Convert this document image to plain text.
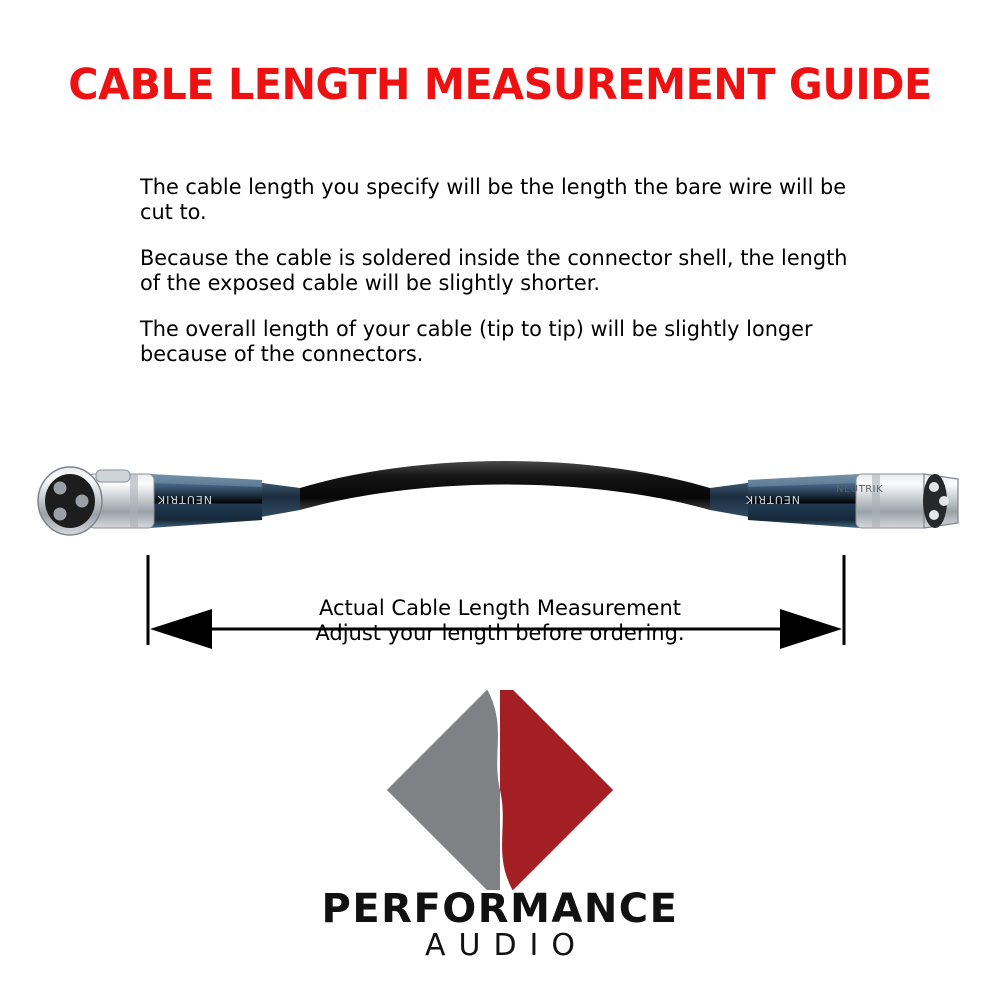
CABLE LENGTH MEASUREMENT GUIDE

The cable length you specify will be the length the bare wire will be cut to.

Because the cable is soldered inside the connector shell, the length of the exposed cable will be slightly shorter.

The overall length of your cable (tip to tip) will be slightly longer because of the connectors.

NEUTRIK	NEUTRIK
NEUTRIK
Actual Cable Length Measurement
Adjust your length before ordering.
PERFORMANCE
AUDIO
